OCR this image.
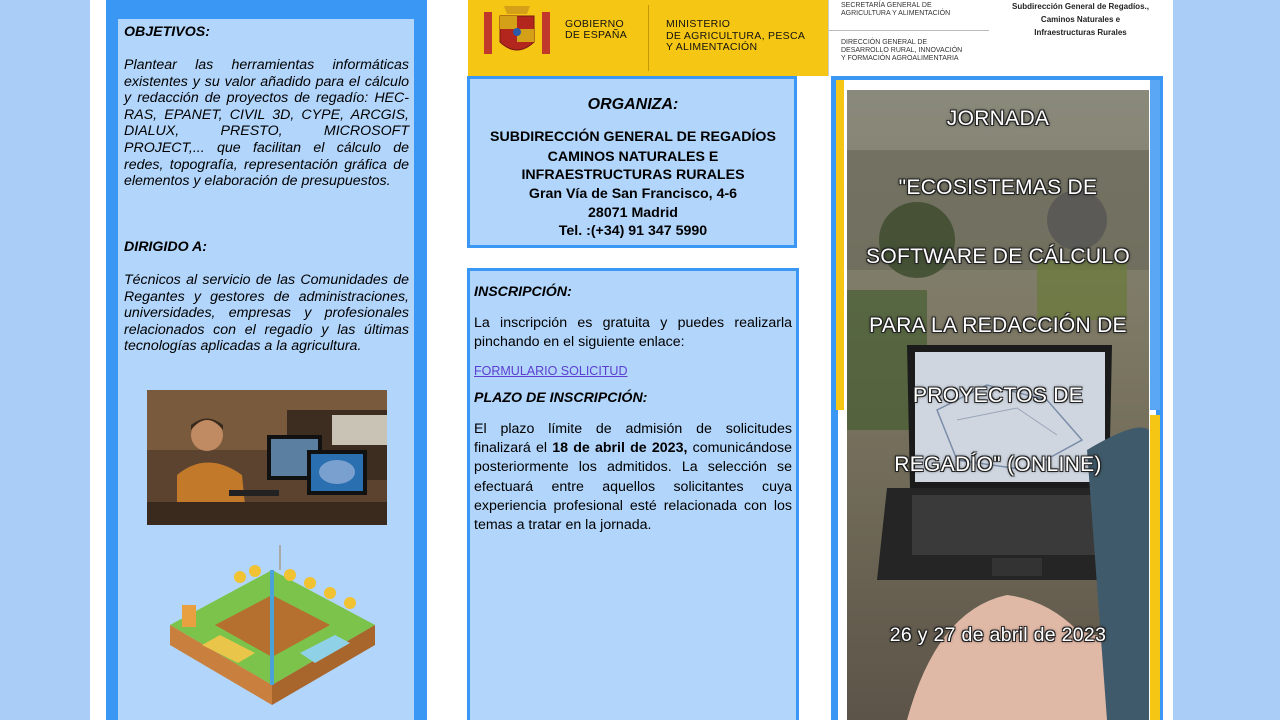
OBJETIVOS:
Plantear las herramientas informáticas existentes y su valor añadido para el cálculo y redacción de proyectos de regadío: HEC-RAS, EPANET, CIVIL 3D, CYPE, ARCGIS, DIALUX, PRESTO, MICROSOFT PROJECT,... que facilitan el cálculo de redes, topografía, representación gráfica de elementos y elaboración de presupuestos.
DIRIGIDO A:
Técnicos al servicio de las Comunidades de Regantes y gestores de administraciones, universidades, empresas y profesionales relacionados con el regadío y las últimas tecnologías aplicadas a la agricultura.
GOBIERNO
DE ESPAÑA
MINISTERIO
DE AGRICULTURA, PESCA
Y ALIMENTACIÓN
SECRETARÍA GENERAL DE
AGRICULTURA Y ALIMENTACIÓN
DIRECCIÓN GENERAL DE
DESARROLLO RURAL, INNOVACIÓN
Y FORMACIÓN AGROALIMENTARIA
Subdirección General de Regadíos.,
Caminos Naturales e
Infraestructuras Rurales
ORGANIZA:
SUBDIRECCIÓN GENERAL DE REGADÍOS
CAMINOS NATURALES E
INFRAESTRUCTURAS RURALES
Gran Vía de San Francisco, 4-6
28071 Madrid
Tel. :(+34) 91 347 5990
INSCRIPCIÓN:
La inscripción es gratuita y puedes realizarla pinchando en el siguiente enlace:
FORMULARIO SOLICITUD
PLAZO DE INSCRIPCIÓN:
El plazo límite de admisión de solicitudes finalizará el 18 de abril de 2023, comunicándose posteriormente los admitidos. La selección se efectuará entre aquellos solicitantes cuya experiencia profesional esté relacionada con los temas a tratar en la jornada.
JORNADA
"ECOSISTEMAS DE
SOFTWARE DE CÁLCULO
PARA LA REDACCIÓN DE
PROYECTOS DE
REGADÍO" (ONLINE)
26 y 27 de abril de 2023
